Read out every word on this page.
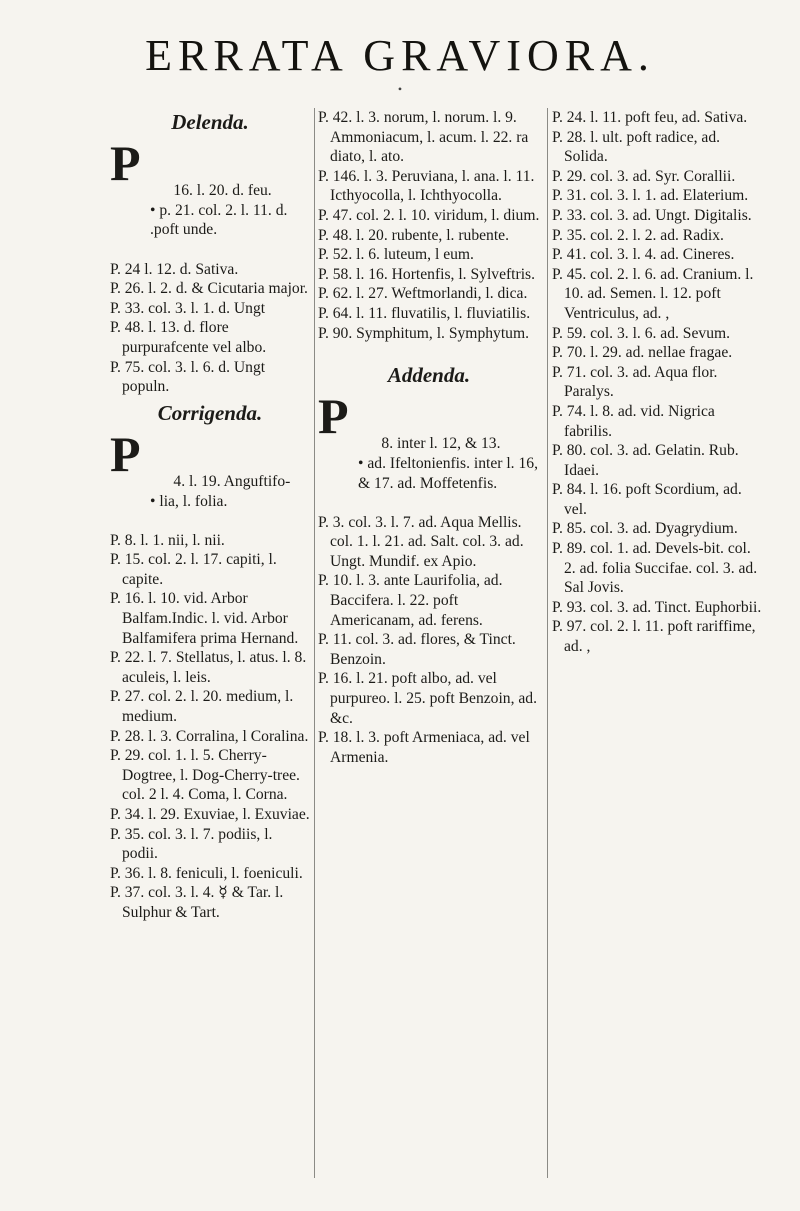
ERRATA GRAVIORA.
•
Delenda.

P 16. l. 20. d. feu.
• p. 21. col. 2. l. 11. d. .poft unde.

P. 24 l. 12. d. Sativa.
P. 26. l. 2. d. & Cicutaria major.
P. 33. col. 3. l. 1. d. Ungt
P. 48. l. 13. d. flore purpurafcente vel albo.
P. 75. col. 3. l. 6. d. Ungt populn.
Corrigenda.

P 4. l. 19. Anguftifo-
• lia, l. folia.

P. 8. l. 1. nii, l. nii.
P. 15. col. 2. l. 17. capiti, l. capite.
P. 16. l. 10. vid. Arbor Balfam.Indic. l. vid. Arbor Balfamifera prima Hernand.
P. 22. l. 7. Stellatus, l. atus. l. 8. aculeis, l. leis.
P. 27. col. 2. l. 20. medium, l. medium.
P. 28. l. 3. Corralina, l Coralina.
P. 29. col. 1. l. 5. Cherry-Dogtree, l. Dog-Cherry-tree. col. 2 l. 4. Coma, l. Corna.
P. 34. l. 29. Exuviae, l. Exuviae.
P. 35. col. 3. l. 7. podiis, l. podii.
P. 36. l. 8. feniculi, l. foeniculi.
P. 37. col. 3. l. 4. ☿ & Tar. l. Sulphur & Tart.
P. 42. l. 3. norum, l. norum. l. 9. Ammoniacum, l. acum. l. 22. ra diato, l. ato.
P. 146. l. 3. Peruviana, l. ana. l. 11. Icthyocolla, l. Ichthyocolla.
P. 47. col. 2. l. 10. viridum, l. dium.
P. 48. l. 20. rubente, l. rubente.
P. 52. l. 6. luteum, l eum.
P. 58. l. 16. Hortenfis, l. Sylveftris.
P. 62. l. 27. Weftmorlandi, l. dica.
P. 64. l. 11. fluvatilis, l. fluviatilis.
P. 90. Symphitum, l. Symphytum.
Addenda.

P 8. inter l. 12, & 13.
• ad. Ifeltonienfis. inter l. 16, & 17. ad. Moffetenfis.

P. 3. col. 3. l. 7. ad. Aqua Mellis. col. 1. l. 21. ad. Salt. col. 3. ad. Ungt. Mundif. ex Apio.
P. 10. l. 3. ante Laurifolia, ad. Baccifera. l. 22. poft Americanam, ad. ferens.
P. 11. col. 3. ad. flores, & Tinct. Benzoin.
P. 16. l. 21. poft albo, ad. vel purpureo. l. 25. poft Benzoin, ad. &c.
P. 18. l. 3. poft Armeniaca, ad. vel Armenia.
P. 24. l. 11. poft feu, ad. Sativa.
P. 28. l. ult. poft radice, ad. Solida.
P. 29. col. 3. ad. Syr. Corallii.
P. 31. col. 3. l. 1. ad. Elaterium.
P. 33. col. 3. ad. Ungt. Digitalis.
P. 35. col. 2. l. 2. ad. Radix.
P. 41. col. 3. l. 4. ad. Cineres.
P. 45. col. 2. l. 6. ad. Cranium. l. 10. ad. Semen. l. 12. poft Ventriculus, ad. ,
P. 59. col. 3. l. 6. ad. Sevum.
P. 70. l. 29. ad. nellae fragae.
P. 71. col. 3. ad. Aqua flor. Paralys.
P. 74. l. 8. ad. vid. Nigrica fabrilis.
P. 80. col. 3. ad. Gelatin. Rub. Idaei.
P. 84. l. 16. poft Scordium, ad. vel.
P. 85. col. 3. ad. Dyagrydium.
P. 89. col. 1. ad. Devels-bit. col. 2. ad. folia Succifae. col. 3. ad. Sal Jovis.
P. 93. col. 3. ad. Tinct. Euphorbii.
P. 97. col. 2. l. 11. poft rariffime, ad. ,
